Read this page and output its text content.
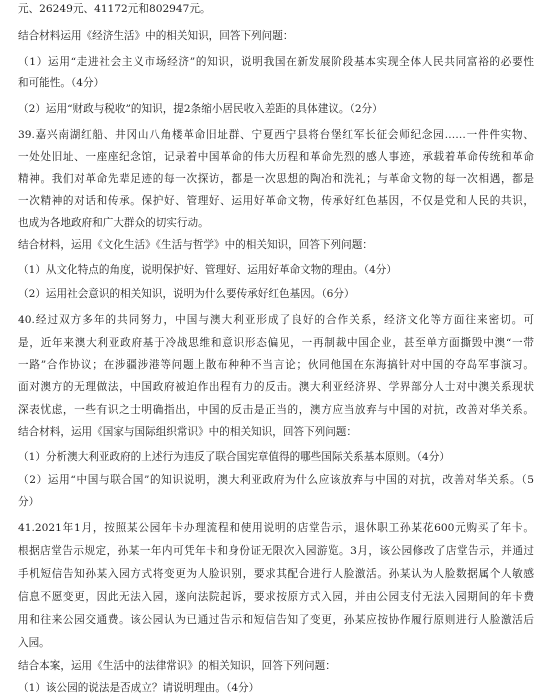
元、26249元、41172元和802947元。
结合材料运用《经济生活》中的相关知识，回答下列问题：
（1）运用“走进社会主义市场经济”的知识，说明我国在新发展阶段基本实现全体人民共同富裕的必要性
和可能性。（4分）
（2）运用“财政与税收”的知识，提2条缩小居民收入差距的具体建议。（2分）
39.嘉兴南湖红船、井冈山八角楼革命旧址群、宁夏西宁县将台堡红军长征会师纪念园……一件件实物、
一处处旧址、一座座纪念馆，记录着中国革命的伟大历程和革命先烈的感人事迹，承载着革命传统和革命
精神。我们对革命先辈足迹的每一次探访，都是一次思想的陶冶和洗礼；与革命文物的每一次相遇，都是
一次精神的对话和传承。保护好、管理好、运用好革命文物，传承好红色基因，不仅是党和人民的共识，
也成为各地政府和广大群众的切实行动。
结合材料，运用《文化生活》《生活与哲学》中的相关知识，回答下列问题：
（1）从文化特点的角度，说明保护好、管理好、运用好革命文物的理由。（4分）
（2）运用社会意识的相关知识，说明为什么要传承好红色基因。（6分）
40.经过双方多年的共同努力，中国与澳大利亚形成了良好的合作关系，经济文化等方面往来密切。可
是，近年来澳大利亚政府基于冷战思维和意识形态偏见，一再制裁中国企业，甚至单方面撕毁中澳“一带
一路”合作协议；在涉疆涉港等问题上散布种种不当言论；伙同他国在东海搞针对中国的夺岛军事演习。
面对澳方的无理做法，中国政府被迫作出程有力的反击。澳大利亚经济界、学界部分人士对中澳关系现状
深表忧虑，一些有识之士明确指出，中国的反击是正当的，澳方应当放弃与中国的对抗，改善对华关系。
结合材料，运用《国家与国际组织常识》中的相关知识，回答下列问题：
（1）分析澳大利亚政府的上述行为违反了联合国宪章值得的哪些国际关系基本原则。（4分）
（2）运用“中国与联合国”的知识说明，澳大利亚政府为什么应该放弃与中国的对抗，改善对华关系。（5
分）
41.2021年1月，按照某公园年卡办理流程和使用说明的店堂告示，退休职工孙某花600元购买了年卡。
根据店堂告示规定，孙某一年内可凭年卡和身份证无限次入园游览。3月，该公园修改了店堂告示，并通过
手机短信告知孙某入园方式将变更为人脸识别，要求其配合进行人脸激活。孙某认为人脸数据属个人敏感
信息不愿变更，因此无法入园，遂向法院起诉，要求按原方式入园，并由公园支付无法入园期间的年卡费
用和往来公园交通费。该公园认为已通过告示和短信告知了变更，孙某应按协作履行原则进行人脸激活后
入园。
结合本案，运用《生活中的法律常识》的相关知识，回答下列问题：
（1）该公园的说法是否成立？请说明理由。（4分）
